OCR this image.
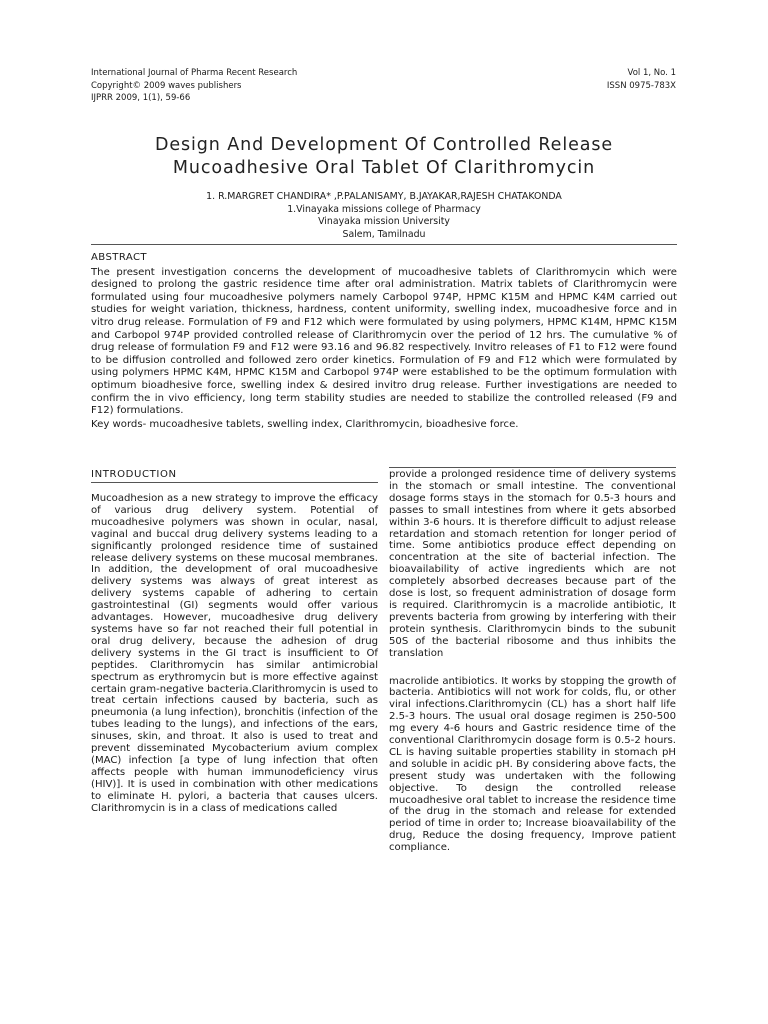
International Journal of Pharma Recent Research
Copyright© 2009 waves publishers
IJPRR 2009, 1(1), 59-66
Vol 1, No. 1
ISSN 0975-783X
Design And Development Of Controlled Release
Mucoadhesive Oral Tablet Of Clarithromycin
1. R.MARGRET CHANDIRA* ,P.PALANISAMY, B.JAYAKAR,RAJESH CHATAKONDA
1.Vinayaka missions college of Pharmacy
Vinayaka mission University
Salem, Tamilnadu
ABSTRACT
The present investigation concerns the development of mucoadhesive tablets of Clarithromycin which were designed to prolong the gastric residence time after oral administration. Matrix tablets of Clarithromycin were formulated using four mucoadhesive polymers namely Carbopol 974P, HPMC K15M and HPMC K4M carried out studies for weight variation, thickness, hardness, content uniformity, swelling index, mucoadhesive force and in vitro drug release. Formulation of F9 and F12 which were formulated by using polymers, HPMC K14M, HPMC K15M and Carbopol 974P provided controlled release of Clarithromycin over the period of 12 hrs. The cumulative % of drug release of formulation F9 and F12 were 93.16 and 96.82 respectively. Invitro releases of F1 to F12 were found to be diffusion controlled and followed zero order kinetics. Formulation of F9 and F12 which were formulated by using polymers HPMC K4M, HPMC K15M and Carbopol 974P were established to be the optimum formulation with optimum bioadhesive force, swelling index & desired invitro drug release. Further investigations are needed to confirm the in vivo efficiency, long term stability studies are needed to stabilize the controlled released (F9 and F12) formulations.
Key words- mucoadhesive tablets, swelling index, Clarithromycin, bioadhesive force.
INTRODUCTION
Mucoadhesion as a new strategy to improve the efficacy of various drug delivery system. Potential of mucoadhesive polymers was shown in ocular, nasal, vaginal and buccal drug delivery systems leading to a significantly prolonged residence time of sustained release delivery systems on these mucosal membranes. In addition, the development of oral mucoadhesive delivery systems was always of great interest as delivery systems capable of adhering to certain gastrointestinal (GI) segments would offer various advantages. However, mucoadhesive drug delivery systems have so far not reached their full potential in oral drug delivery, because the adhesion of drug delivery systems in the GI tract is insufficient to Of peptides. Clarithromycin has similar antimicrobial spectrum as erythromycin but is more effective against certain gram-negative bacteria.Clarithromycin is used to treat certain infections caused by bacteria, such as pneumonia (a lung infection), bronchitis (infection of the tubes leading to the lungs), and infections of the ears, sinuses, skin, and throat. It also is used to treat and prevent disseminated Mycobacterium avium complex (MAC) infection [a type of lung infection that often affects people with human immunodeficiency virus (HIV)]. It is used in combination with other medications to eliminate H. pylori, a bacteria that causes ulcers. Clarithromycin is in a class of medications called
provide a prolonged residence time of delivery systems in the stomach or small intestine. The conventional dosage forms stays in the stomach for 0.5-3 hours and passes to small intestines from where it gets absorbed within 3-6 hours. It is therefore difficult to adjust release retardation and stomach retention for longer period of time. Some antibiotics produce effect depending on concentration at the site of bacterial infection. The bioavailability of active ingredients which are not completely absorbed decreases because part of the dose is lost, so frequent administration of dosage form is required. Clarithromycin is a macrolide antibiotic, It prevents bacteria from growing by interfering with their protein synthesis. Clarithromycin binds to the subunit 50S of the bacterial ribosome and thus inhibits the translation
macrolide antibiotics. It works by stopping the growth of bacteria. Antibiotics will not work for colds, flu, or other viral infections.Clarithromycin (CL) has a short half life 2.5-3 hours. The usual oral dosage regimen is 250-500 mg every 4-6 hours and Gastric residence time of the conventional Clarithromycin dosage form is 0.5-2 hours. CL is having suitable properties stability in stomach pH and soluble in acidic pH. By considering above facts, the present study was undertaken with the following objective. To design the controlled release mucoadhesive oral tablet to increase the residence time of the drug in the stomach and release for extended period of time in order to; Increase bioavailability of the drug, Reduce the dosing frequency, Improve patient compliance.
